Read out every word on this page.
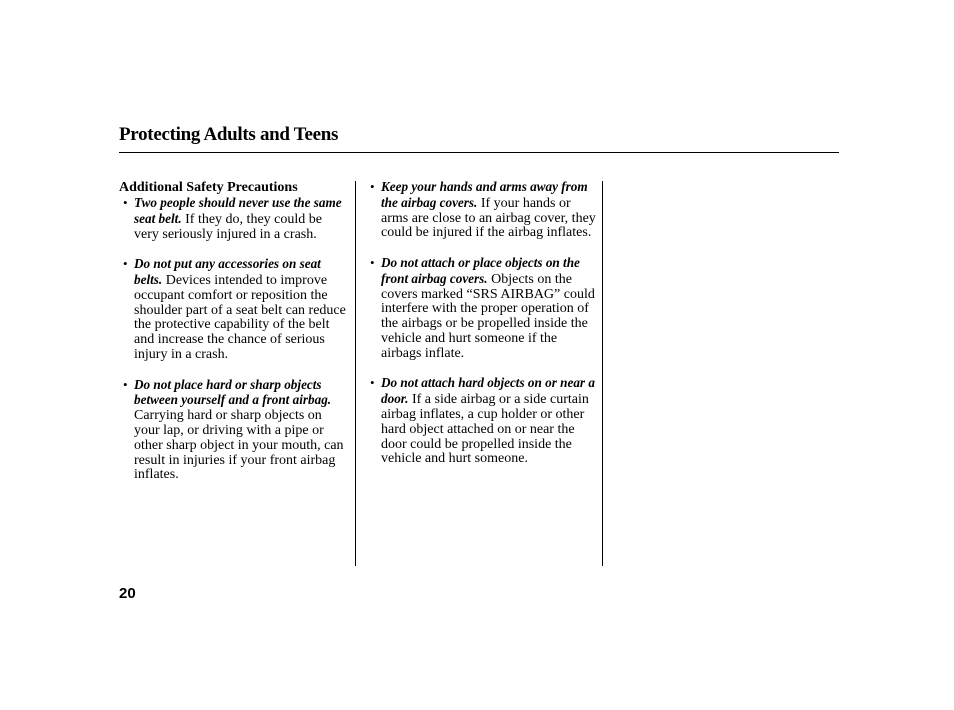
Protecting Adults and Teens
Additional Safety Precautions
• Two people should never use the same seat belt. If they do, they could be very seriously injured in a crash.
• Do not put any accessories on seat belts. Devices intended to improve occupant comfort or reposition the shoulder part of a seat belt can reduce the protective capability of the belt and increase the chance of serious injury in a crash.
• Do not place hard or sharp objects between yourself and a front airbag. Carrying hard or sharp objects on your lap, or driving with a pipe or other sharp object in your mouth, can result in injuries if your front airbag inflates.
• Keep your hands and arms away from the airbag covers. If your hands or arms are close to an airbag cover, they could be injured if the airbag inflates.
• Do not attach or place objects on the front airbag covers. Objects on the covers marked “SRS AIRBAG” could interfere with the proper operation of the airbags or be propelled inside the vehicle and hurt someone if the airbags inflate.
• Do not attach hard objects on or near a door. If a side airbag or a side curtain airbag inflates, a cup holder or other hard object attached on or near the door could be propelled inside the vehicle and hurt someone.
20
